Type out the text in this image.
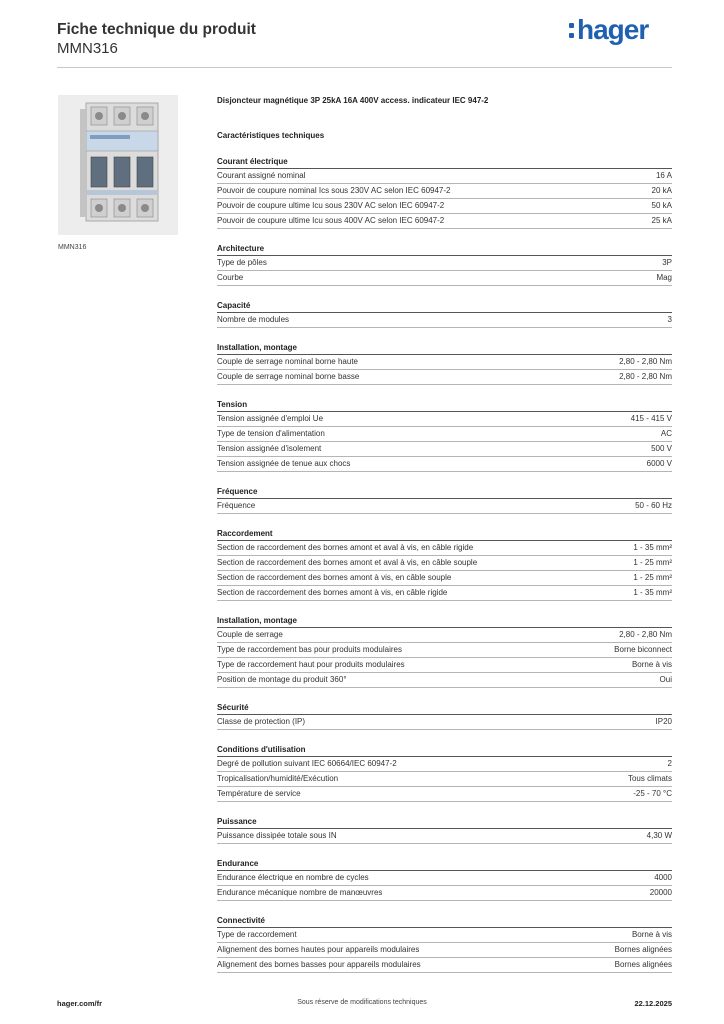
Fiche technique du produit
MMN316
hager
MMN316
Disjoncteur magnétique 3P 25kA 16A 400V access. indicateur IEC 947-2
Caractéristiques techniques
Courant électrique
Courant assigné nominal	16 A
Pouvoir de coupure nominal Ics sous 230V AC selon IEC 60947-2	20 kA
Pouvoir de coupure ultime Icu sous 230V AC selon IEC 60947-2	50 kA
Pouvoir de coupure ultime Icu sous 400V AC selon IEC 60947-2	25 kA
Architecture
Type de pôles	3P
Courbe	Mag
Capacité
Nombre de modules	3
Installation, montage
Couple de serrage nominal borne haute	2,80 - 2,80 Nm
Couple de serrage nominal borne basse	2,80 - 2,80 Nm
Tension
Tension assignée d'emploi Ue	415 - 415 V
Type de tension d'alimentation	AC
Tension assignée d'isolement	500 V
Tension assignée de tenue aux chocs	6000 V
Fréquence
Fréquence	50 - 60 Hz
Raccordement
Section de raccordement des bornes amont et aval à vis, en câble rigide	1 - 35 mm²
Section de raccordement des bornes amont et aval à vis, en câble souple	1 - 25 mm²
Section de raccordement des bornes amont à vis, en câble souple	1 - 25 mm²
Section de raccordement des bornes amont à vis, en câble rigide	1 - 35 mm²
Installation, montage
Couple de serrage	2,80 - 2,80 Nm
Type de raccordement bas pour produits modulaires	Borne biconnect
Type de raccordement haut pour produits modulaires	Borne à vis
Position de montage du produit 360°	Oui
Sécurité
Classe de protection (IP)	IP20
Conditions d'utilisation
Degré de pollution suivant IEC 60664/IEC 60947-2	2
Tropicalisation/humidité/Exécution	Tous climats
Température de service	-25 - 70 °C
Puissance
Puissance dissipée totale sous IN	4,30 W
Endurance
Endurance électrique en nombre de cycles	4000
Endurance mécanique nombre de manœuvres	20000
Connectivité
Type de raccordement	Borne à vis
Alignement des bornes hautes pour appareils modulaires	Bornes alignées
Alignement des bornes basses pour appareils modulaires	Bornes alignées
hager.com/fr	Sous réserve de modifications techniques	22.12.2025
